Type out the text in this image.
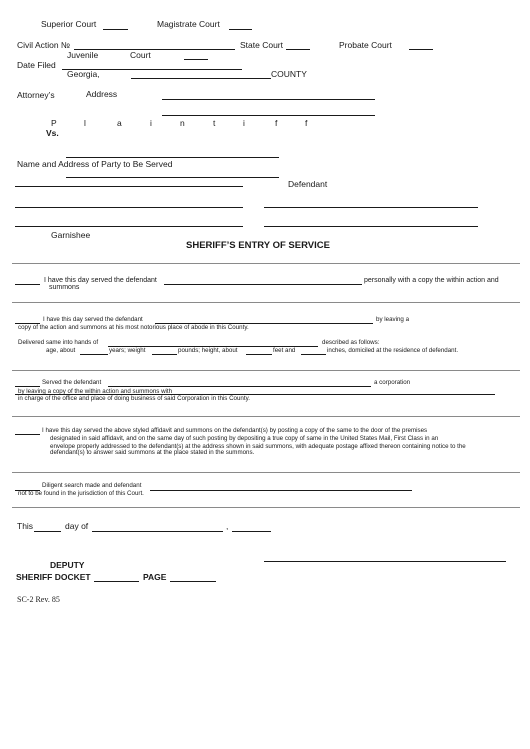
Superior Court	Magistrate Court
Civil Action №	State Court	Probate Court
Juvenile	Court
Date Filed
Georgia,	COUNTY
Attorney’s	Address
P	l	a	i	n	t	i	f	f
Vs.
Name and Address of Party to Be Served
Defendant
Garnishee
SHERIFF’S ENTRY OF SERVICE
I have this day served the defendant	personally with a copy the within action and
summons
I have this day served the defendant	by leaving a
copy of the action and summons at his most notorious place of abode in this County.
Delivered same into hands of	described as follows:
age, about	years; weight	pounds; height, about	feet and	inches, domiciled at the residence of defendant.
Served the defendant	a corporation
by leaving a copy of the within action and summons with
in charge of the office and place of doing business of said Corporation in this County.
I have this day served the above styled affidavit and summons on the defendant(s) by posting a copy of the same to the door of the premises
designated in said affidavit, and on the same day of such posting by depositing a true copy of same in the United States Mail, First Class in an
envelope properly addressed to the defendant(s) at the address shown in said summons, with adequate postage affixed thereon containing notice to the
defendant(s) to answer said summons at the place stated in the summons.
Diligent search made and defendant
not to be found in the jurisdiction of this Court.
This	day of	,
DEPUTY
SHERIFF DOCKET	PAGE
SC-2 Rev. 85
